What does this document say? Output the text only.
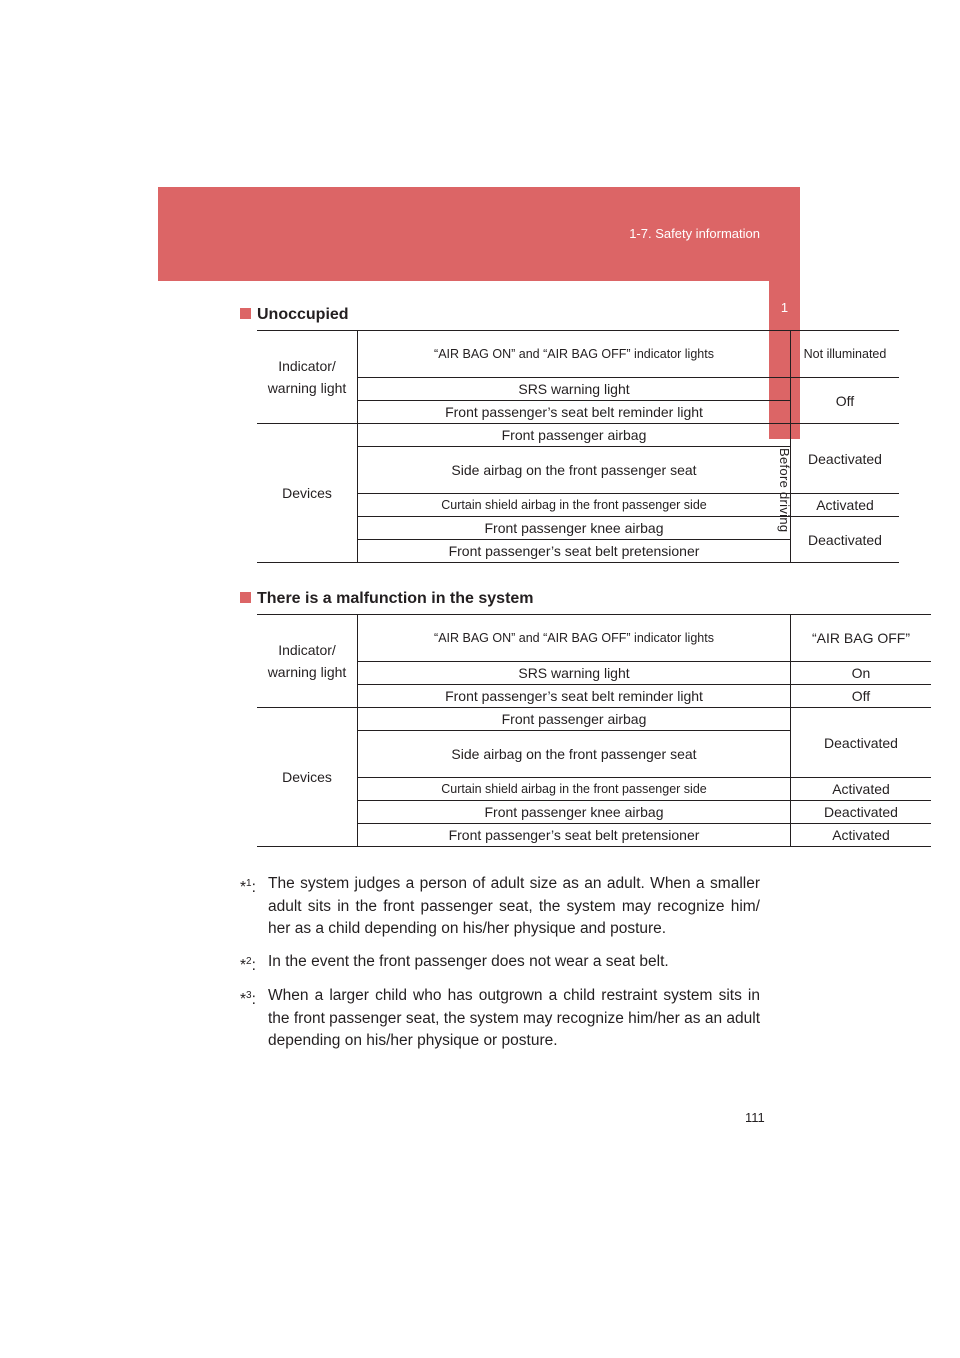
1-7. Safety information
1
Before driving
Unoccupied
Indicator/ warning light	“AIR BAG ON” and “AIR BAG OFF” indicator lights	Not illuminated
	SRS warning light	Off
	Front passenger’s seat belt reminder light	
Devices	Front passenger airbag	Deactivated
	Side airbag on the front passenger seat	
	Curtain shield airbag in the front passenger side	Activated
	Front passenger knee airbag	Deactivated
	Front passenger’s seat belt pretensioner	
There is a malfunction in the system
Indicator/ warning light	“AIR BAG ON” and “AIR BAG OFF” indicator lights	“AIR BAG OFF”
	SRS warning light	On
	Front passenger’s seat belt reminder light	Off
Devices	Front passenger airbag	Deactivated
	Side airbag on the front passenger seat	
	Curtain shield airbag in the front passenger side	Activated
	Front passenger knee airbag	Deactivated
	Front passenger’s seat belt pretensioner	Activated
*$^1$: The system judges a person of adult size as an adult. When a smaller adult sits in the front passenger seat, the system may recognize him/ her as a child depending on his/her physique and posture.
*$^2$: In the event the front passenger does not wear a seat belt.
*$^3$: When a larger child who has outgrown a child restraint system sits in the front passenger seat, the system may recognize him/her as an adult depending on his/her physique or posture.
111
